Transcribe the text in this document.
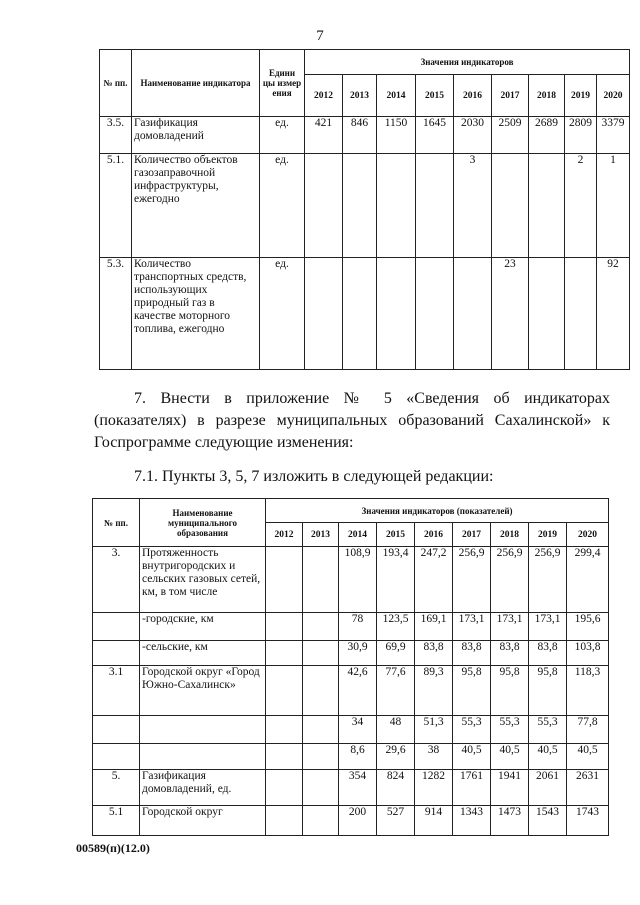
7
№ пп.	Наименование индикатора	Едини цы измер ения	Значения индикаторов								
			2012	2013	2014	2015	2016	2017	2018	2019	2020
3.5.	Газификация домовладений	ед.	421	846	1150	1645	2030	2509	2689	2809	3379
5.1.	Количество объектов газозаправочной инфраструктуры, ежегодно	ед.					3			2	1
5.3.	Количество транспортных средств, использующих природный газ в качестве моторного топлива, ежегодно	ед.						23			92

7. Внести в приложение № 5 «Сведения об индикаторах (показателях) в разрезе муниципальных образований Сахалинской» к Госпрограмме следующие изменения:

7.1. Пункты 3, 5, 7 изложить в следующей редакции:

№ пп.	Наименование муниципального образования	Значения индикаторов (показателей)								
		2012	2013	2014	2015	2016	2017	2018	2019	2020
3.	Протяженность внутригородских и сельских газовых сетей, км, в том числе			108,9	193,4	247,2	256,9	256,9	256,9	299,4
	-городские, км			78	123,5	169,1	173,1	173,1	173,1	195,6
	-сельские, км			30,9	69,9	83,8	83,8	83,8	83,8	103,8
3.1	Городской округ «Город Южно-Сахалинск»			42,6	77,6	89,3	95,8	95,8	95,8	118,3
				34	48	51,3	55,3	55,3	55,3	77,8
				8,6	29,6	38	40,5	40,5	40,5	40,5
5.	Газификация домовладений, ед.			354	824	1282	1761	1941	2061	2631
5.1	Городской округ			200	527	914	1343	1473	1543	1743
00589(п)(12.0)
